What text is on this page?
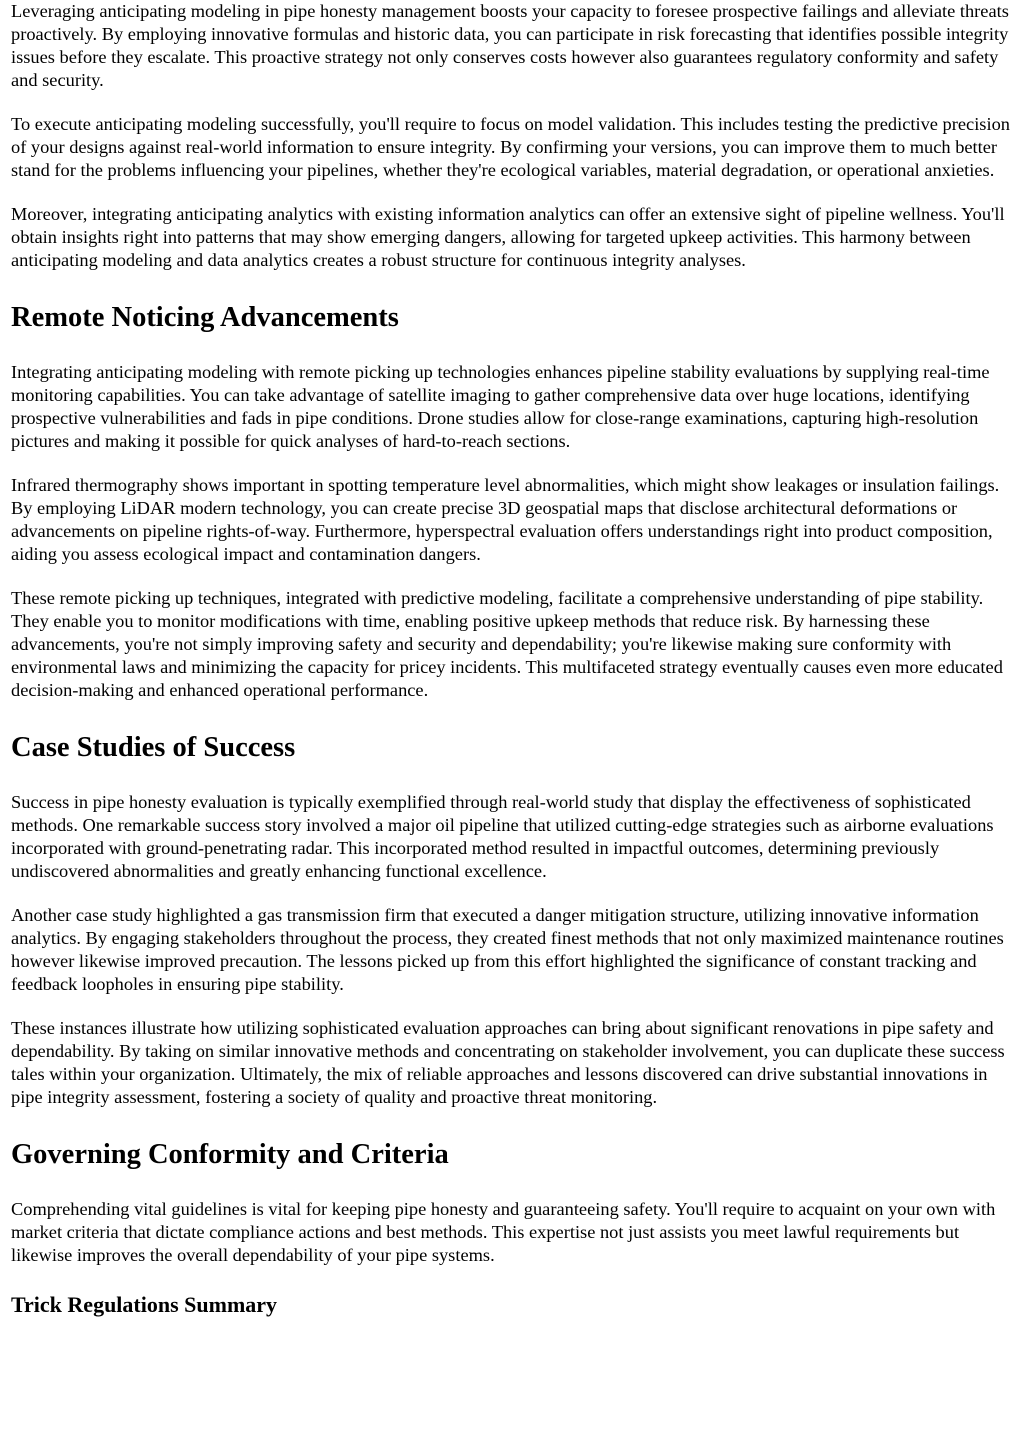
Leveraging anticipating modeling in pipe honesty management boosts your capacity to foresee prospective failings and alleviate threats proactively. By employing innovative formulas and historic data, you can participate in risk forecasting that identifies possible integrity issues before they escalate. This proactive strategy not only conserves costs however also guarantees regulatory conformity and safety and security.

To execute anticipating modeling successfully, you'll require to focus on model validation. This includes testing the predictive precision of your designs against real-world information to ensure integrity. By confirming your versions, you can improve them to much better stand for the problems influencing your pipelines, whether they're ecological variables, material degradation, or operational anxieties.

Moreover, integrating anticipating analytics with existing information analytics can offer an extensive sight of pipeline wellness. You'll obtain insights right into patterns that may show emerging dangers, allowing for targeted upkeep activities. This harmony between anticipating modeling and data analytics creates a robust structure for continuous integrity analyses.

Remote Noticing Advancements

Integrating anticipating modeling with remote picking up technologies enhances pipeline stability evaluations by supplying real-time monitoring capabilities. You can take advantage of satellite imaging to gather comprehensive data over huge locations, identifying prospective vulnerabilities and fads in pipe conditions. Drone studies allow for close-range examinations, capturing high-resolution pictures and making it possible for quick analyses of hard-to-reach sections.

Infrared thermography shows important in spotting temperature level abnormalities, which might show leakages or insulation failings. By employing LiDAR modern technology, you can create precise 3D geospatial maps that disclose architectural deformations or advancements on pipeline rights-of-way. Furthermore, hyperspectral evaluation offers understandings right into product composition, aiding you assess ecological impact and contamination dangers.

These remote picking up techniques, integrated with predictive modeling, facilitate a comprehensive understanding of pipe stability. They enable you to monitor modifications with time, enabling positive upkeep methods that reduce risk. By harnessing these advancements, you're not simply improving safety and security and dependability; you're likewise making sure conformity with environmental laws and minimizing the capacity for pricey incidents. This multifaceted strategy eventually causes even more educated decision-making and enhanced operational performance.

Case Studies of Success

Success in pipe honesty evaluation is typically exemplified through real-world study that display the effectiveness of sophisticated methods. One remarkable success story involved a major oil pipeline that utilized cutting-edge strategies such as airborne evaluations incorporated with ground-penetrating radar. This incorporated method resulted in impactful outcomes, determining previously undiscovered abnormalities and greatly enhancing functional excellence.

Another case study highlighted a gas transmission firm that executed a danger mitigation structure, utilizing innovative information analytics. By engaging stakeholders throughout the process, they created finest methods that not only maximized maintenance routines however likewise improved precaution. The lessons picked up from this effort highlighted the significance of constant tracking and feedback loopholes in ensuring pipe stability.

These instances illustrate how utilizing sophisticated evaluation approaches can bring about significant renovations in pipe safety and dependability. By taking on similar innovative methods and concentrating on stakeholder involvement, you can duplicate these success tales within your organization. Ultimately, the mix of reliable approaches and lessons discovered can drive substantial innovations in pipe integrity assessment, fostering a society of quality and proactive threat monitoring.

Governing Conformity and Criteria

Comprehending vital guidelines is vital for keeping pipe honesty and guaranteeing safety. You'll require to acquaint on your own with market criteria that dictate compliance actions and best methods. This expertise not just assists you meet lawful requirements but likewise improves the overall dependability of your pipe systems.

Trick Regulations Summary
